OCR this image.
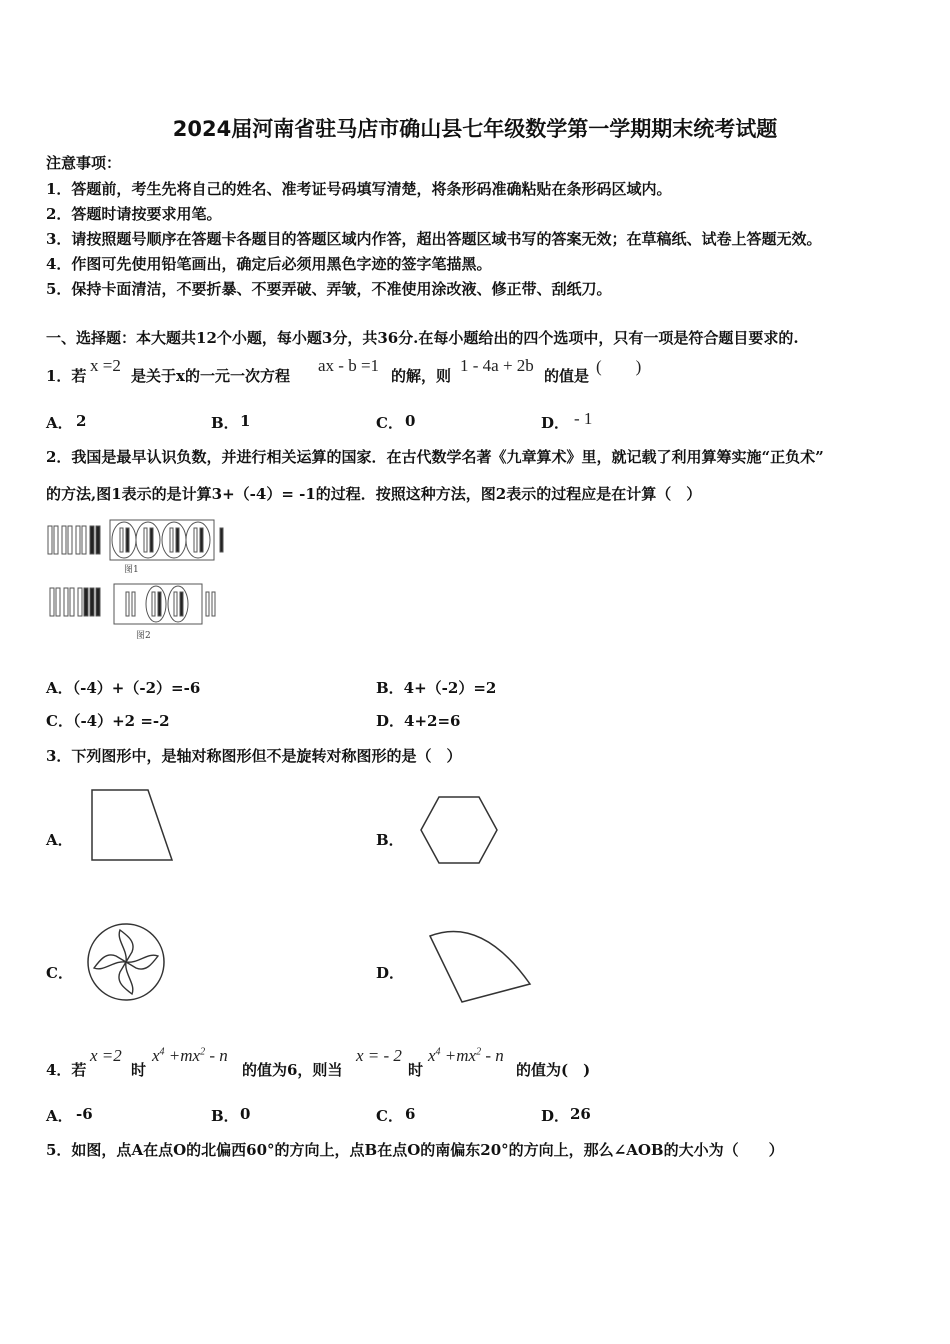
2024届河南省驻马店市确山县七年级数学第一学期期末统考试题
注意事项：
1．答题前，考生先将自己的姓名、准考证号码填写清楚，将条形码准确粘贴在条形码区域内。
2．答题时请按要求用笔。
3．请按照题号顺序在答题卡各题目的答题区域内作答，超出答题区域书写的答案无效；在草稿纸、试卷上答题无效。
4．作图可先使用铅笔画出，确定后必须用黑色字迹的签字笔描黑。
5．保持卡面清洁，不要折暴、不要弄破、弄皱，不准使用涂改液、修正带、刮纸刀。
一、选择题：本大题共12个小题，每小题3分，共36分.在每小题给出的四个选项中，只有一项是符合题目要求的.
1．若
x =2
是关于x的一元一次方程
ax - b =1
的解，则
1 - 4a + 2b
的值是 (　　)
A． 2	B． 1	C． 0	D． - 1
2．我国是最早认识负数，并进行相关运算的国家．在古代数学名著《九章算术》里，就记载了利用算筹实施“正负术”
的方法,图1表示的是计算3+（-4）= -1的过程．按照这种方法，图2表示的过程应是在计算（　）
图1
图2
A．（-4）+（-2）=-6	B．4+（-2）=2
C．（-4）+2 =-2	D．4+2=6
3．下列图形中，是轴对称图形但不是旋转对称图形的是（　）
A．	B．
C．	D．
4．若
x =2
时
$x^4 +mx^2 - n$
的值为6，则当
x = - 2
时
$x^4 +mx^2 - n$
的值为(　)
A． -6	B． 0	C． 6	D． 26
5．如图，点A在点O的北偏西60°的方向上，点B在点O的南偏东20°的方向上，那么∠AOB的大小为（　　）
